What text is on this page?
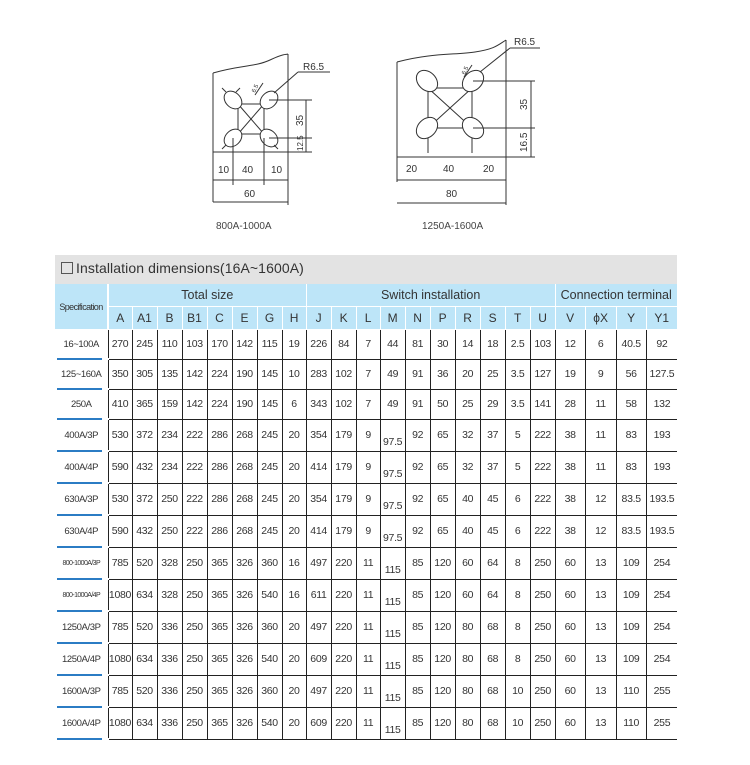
R6.5
10 40 10
60
35
12.5
6.5
800A-1000A
R6.5
20	40	20
80
35
16.5
6.5
1250A-1600A
Installation dimensions(16A~1600A)
Specification	Total size								Switch installation										Connection terminal			
	A	A1	B	B1	C	E	G	H	J	K	L	M	N	P	R	S	T	U	V	ϕX	Y	Y1
16~100A	270	245	110	103	170	142	115	19	226	84	7	44	81	30	14	18	2.5	103	12	6	40.5	92
125~160A	350	305	135	142	224	190	145	10	283	102	7	49	91	36	20	25	3.5	127	19	9	56	127.5
250A	410	365	159	142	224	190	145	6	343	102	7	49	91	50	25	29	3.5	141	28	11	58	132
400A/3P	530	372	234	222	286	268	245	20	354	179	9	97.5	92	65	32	37	5	222	38	11	83	193
400A/4P	590	432	234	222	286	268	245	20	414	179	9	97.5	92	65	32	37	5	222	38	11	83	193
630A/3P	530	372	250	222	286	268	245	20	354	179	9	97.5	92	65	40	45	6	222	38	12	83.5	193.5
630A/4P	590	432	250	222	286	268	245	20	414	179	9	97.5	92	65	40	45	6	222	38	12	83.5	193.5
800-1000A/3P	785	520	328	250	365	326	360	16	497	220	11	115	85	120	60	64	8	250	60	13	109	254
800-1000A/4P	1080	634	328	250	365	326	540	16	611	220	11	115	85	120	60	64	8	250	60	13	109	254
1250A/3P	785	520	336	250	365	326	360	20	497	220	11	115	85	120	80	68	8	250	60	13	109	254
1250A/4P	1080	634	336	250	365	326	540	20	609	220	11	115	85	120	80	68	8	250	60	13	109	254
1600A/3P	785	520	336	250	365	326	360	20	497	220	11	115	85	120	80	68	10	250	60	13	110	255
1600A/4P	1080	634	336	250	365	326	540	20	609	220	11	115	85	120	80	68	10	250	60	13	110	255
